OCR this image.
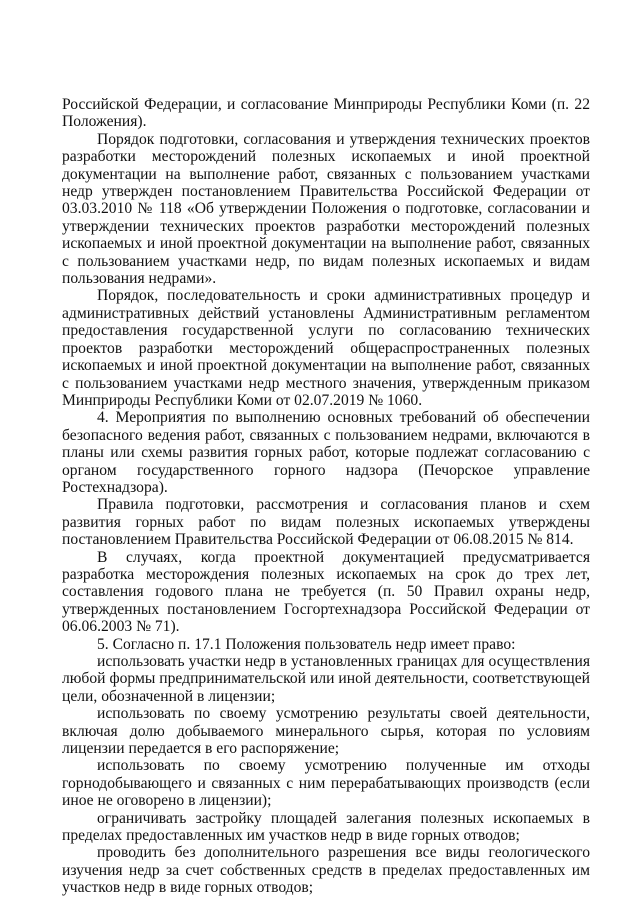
Российской Федерации, и согласование Минприроды Республики Коми (п. 22 Положения).

Порядок подготовки, согласования и утверждения технических проектов разработки месторождений полезных ископаемых и иной проектной документации на выполнение работ, связанных с пользованием участками недр утвержден постановлением Правительства Российской Федерации от 03.03.2010 № 118 «Об утверждении Положения о подготовке, согласовании и утверждении технических проектов разработки месторождений полезных ископаемых и иной проектной документации на выполнение работ, связанных с пользованием участками недр, по видам полезных ископаемых и видам пользования недрами».

Порядок, последовательность и сроки административных процедур и административных действий установлены Административным регламентом предоставления государственной услуги по согласованию технических проектов разработки месторождений общераспространенных полезных ископаемых и иной проектной документации на выполнение работ, связанных с пользованием участками недр местного значения, утвержденным приказом Минприроды Республики Коми от 02.07.2019 № 1060.

4. Мероприятия по выполнению основных требований об обеспечении безопасного ведения работ, связанных с пользованием недрами, включаются в планы или схемы развития горных работ, которые подлежат согласованию с органом государственного горного надзора (Печорское управление Ростехнадзора).

Правила подготовки, рассмотрения и согласования планов и схем развития горных работ по видам полезных ископаемых утверждены постановлением Правительства Российской Федерации от 06.08.2015 № 814.

В случаях, когда проектной документацией предусматривается разработка месторождения полезных ископаемых на срок до трех лет, составления годового плана не требуется (п. 50 Правил охраны недр, утвержденных постановлением Госгортехнадзора Российской Федерации от 06.06.2003 № 71).

5. Согласно п. 17.1 Положения пользователь недр имеет право:

использовать участки недр в установленных границах для осуществления любой формы предпринимательской или иной деятельности, соответствующей цели, обозначенной в лицензии;

использовать по своему усмотрению результаты своей деятельности, включая долю добываемого минерального сырья, которая по условиям лицензии передается в его распоряжение;

использовать по своему усмотрению полученные им отходы горнодобывающего и связанных с ним перерабатывающих производств (если иное не оговорено в лицензии);

ограничивать застройку площадей залегания полезных ископаемых в пределах предоставленных им участков недр в виде горных отводов;

проводить без дополнительного разрешения все виды геологического изучения недр за счет собственных средств в пределах предоставленных им участков недр в виде горных отводов;
